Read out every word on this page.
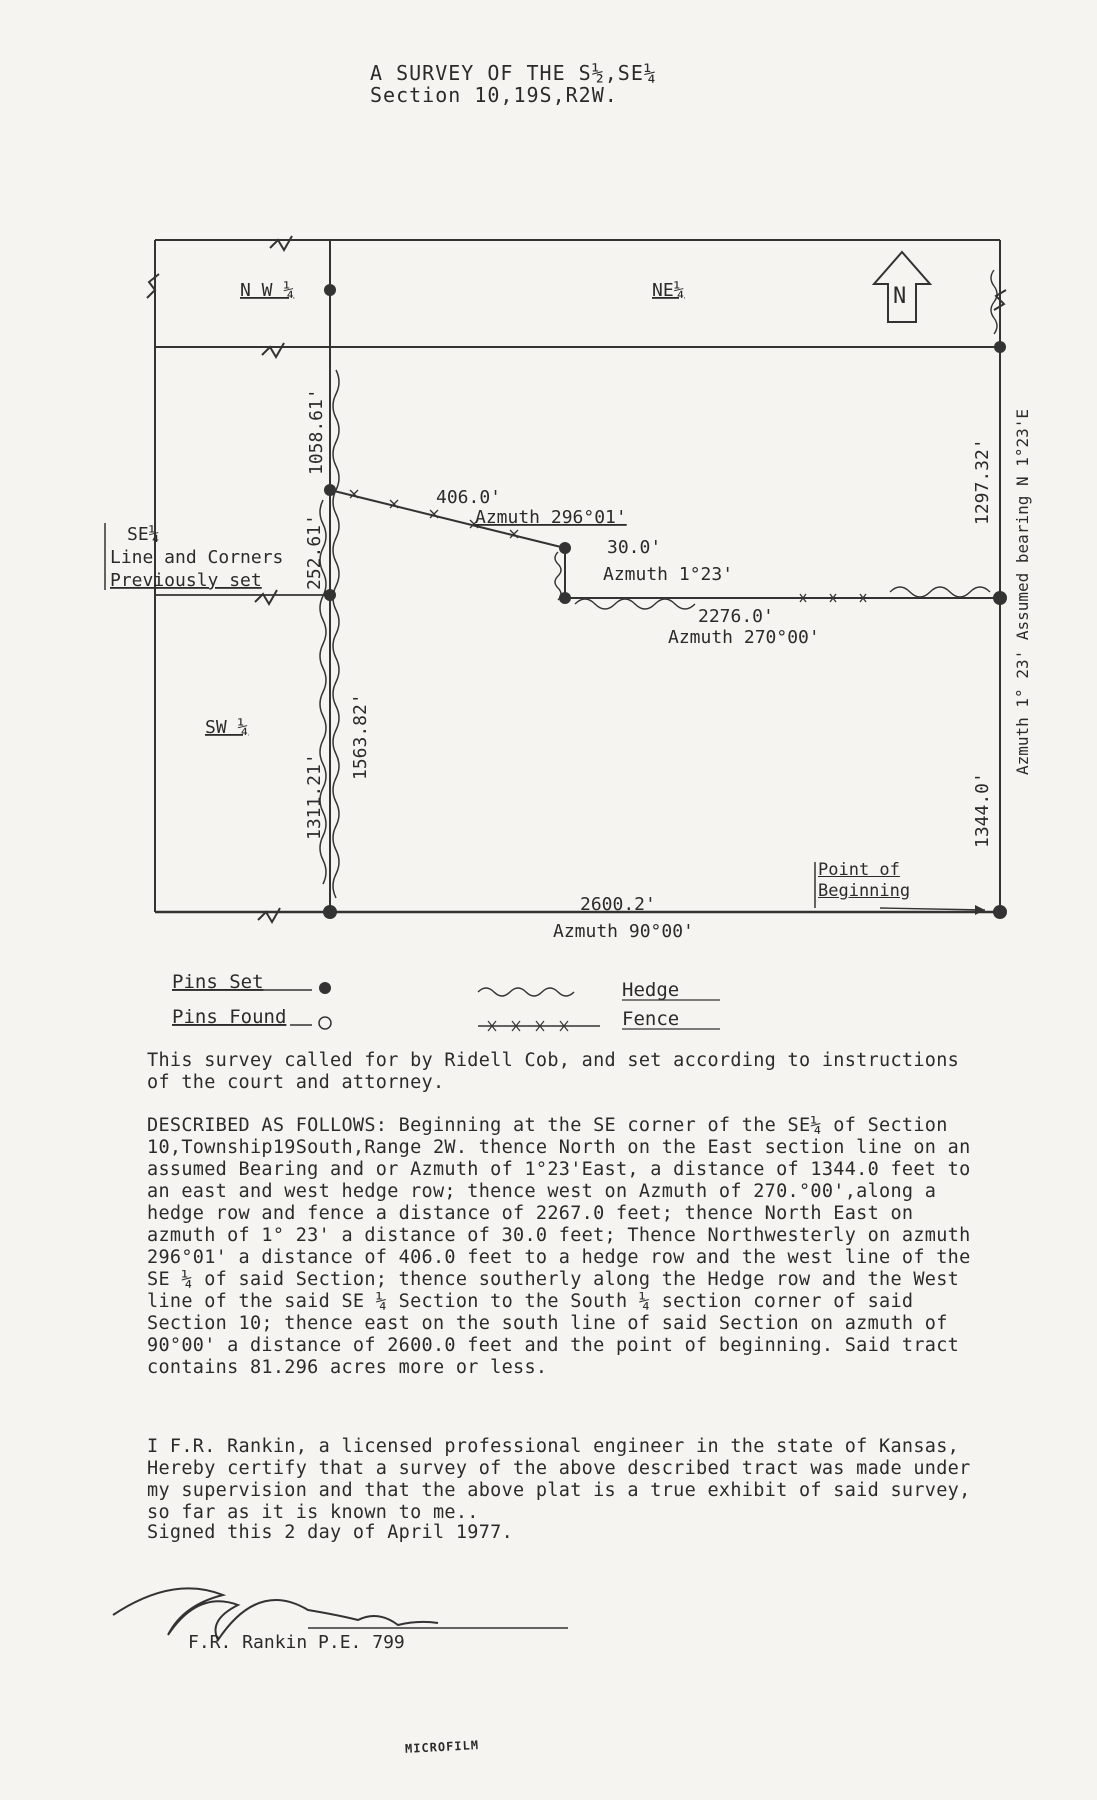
A SURVEY OF THE S½,SE¼
Section 10,19S,R2W.
N
N W ¼	NE¼
SW ¼
SE¼
Line and Corners
Previously set
1058.61'
252.61'
1311.21'
1563.82'
1297.32'
1344.0'
Azmuth 1° 23' Assumed bearing N 1°23'E
406.0'
Azmuth 296°01'
30.0'
Azmuth 1°23'
2276.0'
Azmuth 270°00'
2600.2'
Azmuth 90°00'
Point of Beginning
Pins Set
Pins Found
Hedge
Fence
This survey called for by Ridell Cob, and set according to instructions of the court and attorney.
DESCRIBED AS FOLLOWS: Beginning at the SE corner of the SE¼ of Section 10,Township19South,Range 2W. thence North on the East section line on an assumed Bearing and or Azmuth of 1°23'East, a distance of 1344.0 feet to an east and west hedge row; thence west on Azmuth of 270.°00',along a hedge row and fence a distance of 2267.0 feet; thence North East on azmuth of 1° 23' a distance of 30.0 feet; Thence Northwesterly on azmuth 296°01' a distance of 406.0 feet to a hedge row and the west line of the SE ¼ of said Section; thence southerly along the Hedge row and the West line of the said SE ¼ Section to the South ¼ section corner of said Section 10; thence east on the south line of said Section on azmuth of 90°00' a distance of 2600.0 feet and the point of beginning. Said tract contains 81.296 acres more or less.
I F.R. Rankin, a licensed professional engineer in the state of Kansas, Hereby certify that a survey of the above described tract was made under my supervision and that the above plat is a true exhibit of said survey, so far as it is known to me..
Signed this 2 day of April 1977.
F.R. Rankin P.E. 799
MICROFILM
